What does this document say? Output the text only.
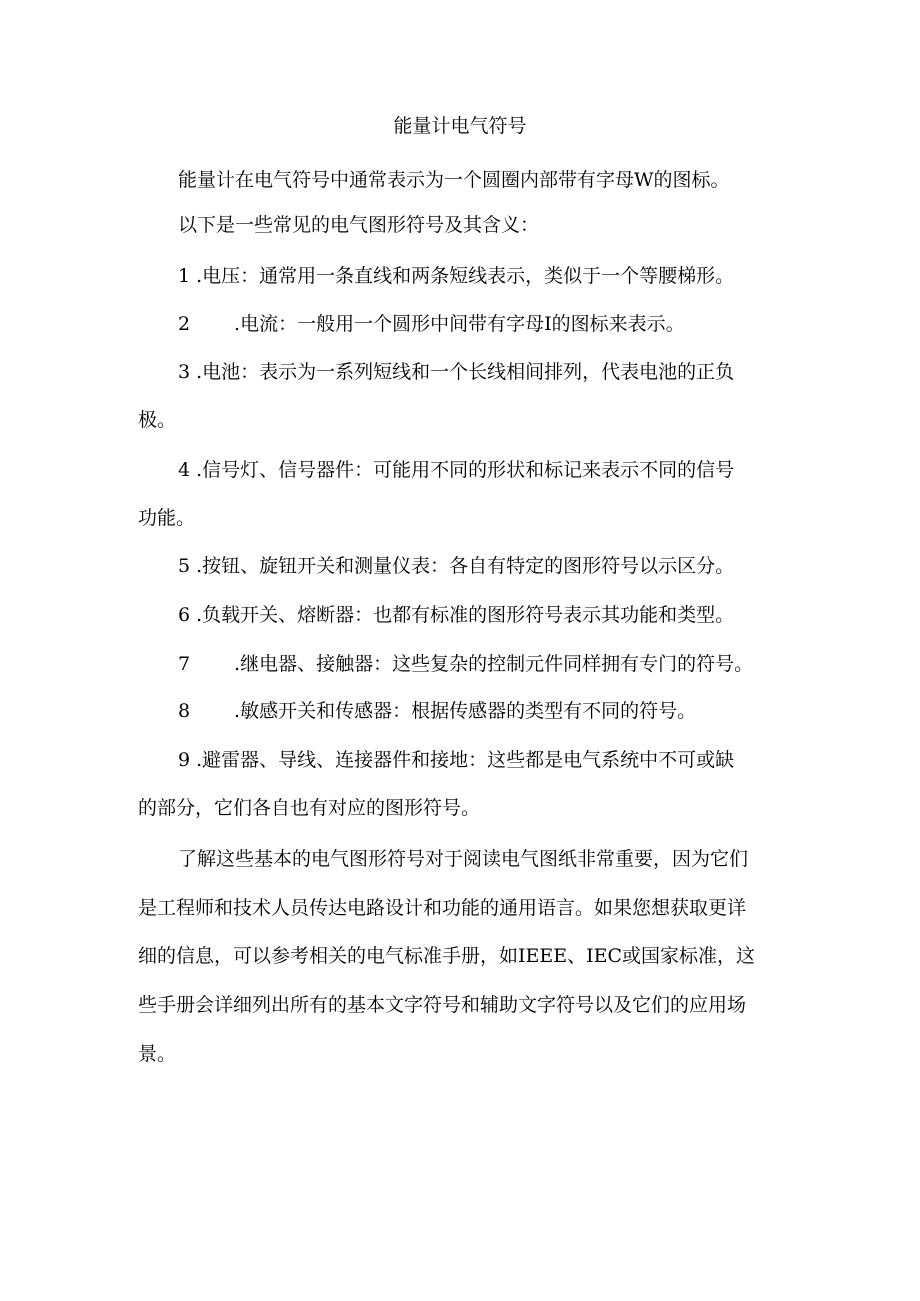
能量计电气符号
能量计在电气符号中通常表示为一个圆圈内部带有字母W的图标。
以下是一些常见的电气图形符号及其含义：
1 .电压：通常用一条直线和两条短线表示，类似于一个等腰梯形。
2 .电流：一般用一个圆形中间带有字母I的图标来表示。
3 .电池：表示为一系列短线和一个长线相间排列，代表电池的正负
极。
4 .信号灯、信号器件：可能用不同的形状和标记来表示不同的信号
功能。
5 .按钮、旋钮开关和测量仪表：各自有特定的图形符号以示区分。
6 .负载开关、熔断器：也都有标准的图形符号表示其功能和类型。
7 .继电器、接触器：这些复杂的控制元件同样拥有专门的符号。
8 .敏感开关和传感器：根据传感器的类型有不同的符号。
9 .避雷器、导线、连接器件和接地：这些都是电气系统中不可或缺
的部分，它们各自也有对应的图形符号。
了解这些基本的电气图形符号对于阅读电气图纸非常重要，因为它们
是工程师和技术人员传达电路设计和功能的通用语言。如果您想获取更详
细的信息，可以参考相关的电气标准手册，如IEEE、IEC或国家标准，这
些手册会详细列出所有的基本文字符号和辅助文字符号以及它们的应用场
景。
